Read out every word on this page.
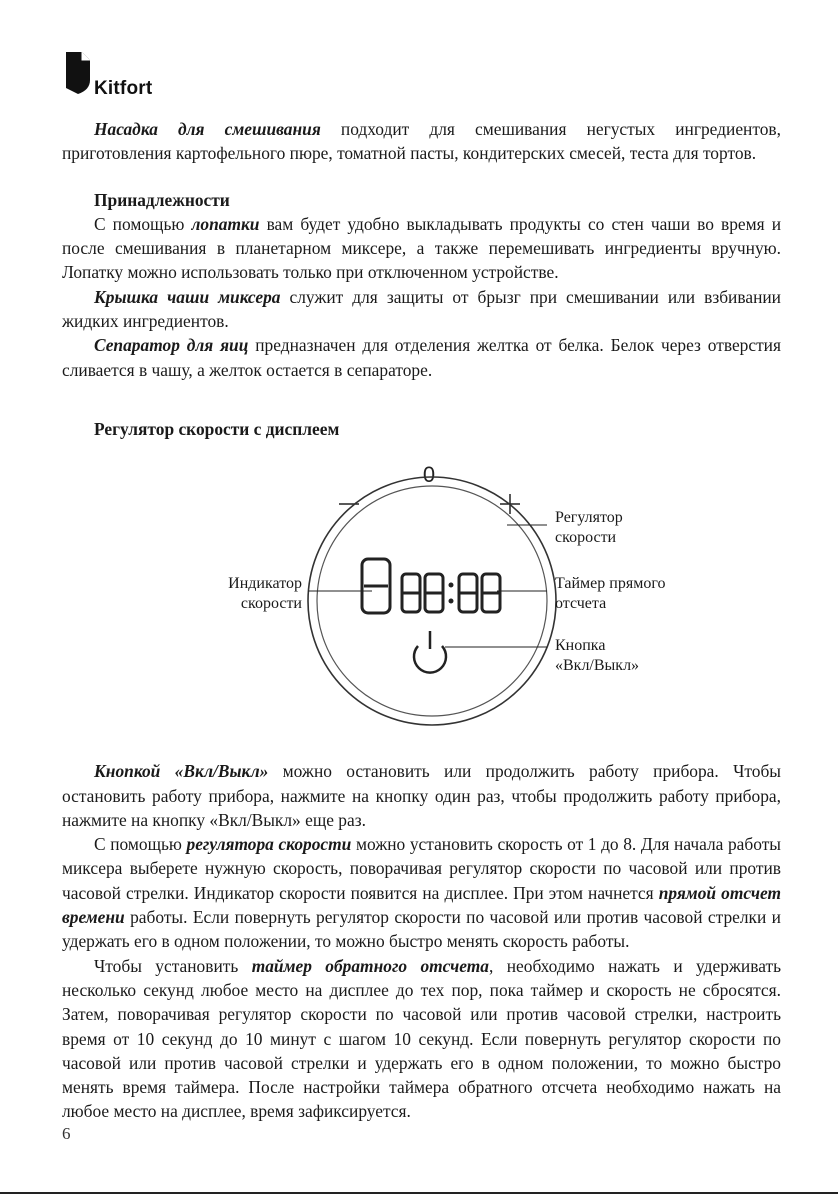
Kitfort

Насадка для смешивания подходит для смешивания негустых ингредиентов, приготовления картофельного пюре, томатной пасты, кондитерских смесей, теста для тортов.

Принадлежности

С помощью лопатки вам будет удобно выкладывать продукты со стен чаши во время и после смешивания в планетарном миксере, а также перемешивать ингредиенты вручную. Лопатку можно использовать только при отключенном устройстве.

Крышка чаши миксера служит для защиты от брызг при смешивании или взбивании жидких ингредиентов.

Сепаратор для яиц предназначен для отделения желтка от белка. Белок через отверстия сливается в чашу, а желток остается в сепараторе.

Регулятор скорости с дисплеем

0
Регулятор
скорости
Индикатор
скорости
Таймер прямого
отсчета
Кнопка
«Вкл/Выкл»

Кнопкой «Вкл/Выкл» можно остановить или продолжить работу прибора. Чтобы остановить работу прибора, нажмите на кнопку один раз, чтобы продолжить работу прибора, нажмите на кнопку «Вкл/Выкл» еще раз.

С помощью регулятора скорости можно установить скорость от 1 до 8. Для начала работы миксера выберете нужную скорость, поворачивая регулятор скорости по часовой или против часовой стрелки. Индикатор скорости появится на дисплее. При этом начнется прямой отсчет времени работы. Если повернуть регулятор скорости по часовой или против часовой стрелки и удержать его в одном положении, то можно быстро менять скорость работы.

Чтобы установить таймер обратного отсчета, необходимо нажать и удерживать несколько секунд любое место на дисплее до тех пор, пока таймер и скорость не сбросятся. Затем, поворачивая регулятор скорости по часовой или против часовой стрелки, настроить время от 10 секунд до 10 минут с шагом 10 секунд. Если повернуть регулятор скорости по часовой или против часовой стрелки и удержать его в одном положении, то можно быстро менять время таймера. После настройки таймера обратного отсчета необходимо нажать на любое место на дисплее, время зафиксируется.

6
